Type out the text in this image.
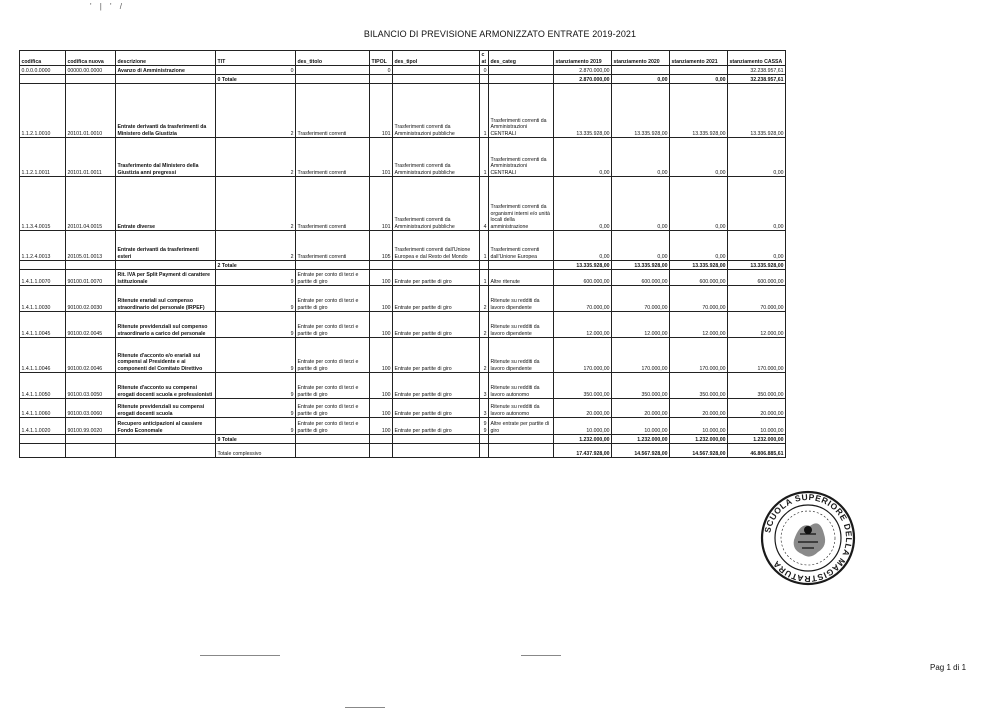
' | ' /
BILANCIO DI PREVISIONE ARMONIZZATO ENTRATE 2019-2021
codifica	codifica nuova	descrizione	TIT	des_titolo	TIPOL	des_tipol	cat	des_categ	stanziamento 2019	stanziamento 2020	stanziamento 2021	stanziamento CASSA
0.0.0.0.0000	00000.00.0000	Avanzo di Amministrazione	0		0		0		2.870.000,00			32.238.957,61
			0 Totale						2.870.000,00	0,00	0,00	32.238.957,61
1.1.2.1.0010	20101.01.0010	Entrate derivanti da trasferimenti da Ministero della Giustizia	2	Trasferimenti correnti	101	Trasferimenti correnti da Amministrazioni pubbliche	1	Trasferimenti correnti da Amministrazioni CENTRALI	13.335.928,00	13.335.928,00	13.335.928,00	13.335.928,00
1.1.2.1.0011	20101.01.0011	Trasferimento dal Ministero della Giustizia anni pregressi	2	Trasferimenti correnti	101	Trasferimenti correnti da Amministrazioni pubbliche	1	Trasferimenti correnti da Amministrazioni CENTRALI	0,00	0,00	0,00	0,00
1.1.3.4.0015	20101.04.0015	Entrate diverse	2	Trasferimenti correnti	101	Trasferimenti correnti da Amministrazioni pubbliche	4	Trasferimenti correnti da organismi interni e/o unità locali della amministrazione	0,00	0,00	0,00	0,00
1.1.2.4.0013	20105.01.0013	Entrate derivanti da trasferimenti esteri	2	Trasferimenti correnti	105	Trasferimenti correnti dall'Unione Europea e dal Resto del Mondo	1	Trasferimenti correnti dall'Unione Europea	0,00	0,00	0,00	0,00
			2 Totale						13.335.928,00	13.335.928,00	13.335.928,00	13.335.928,00
1.4.1.1.0070	90100.01.0070	Rit. IVA per Split Payment di carattere istituzionale	9	Entrate per conto di terzi e partite di giro	100	Entrate per partite di giro	1	Altre ritenute	600.000,00	600.000,00	600.000,00	600.000,00
1.4.1.1.0030	90100.02.0030	Ritenute erariali sul compenso straordinario del personale (IRPEF)	9	Entrate per conto di terzi e partite di giro	100	Entrate per partite di giro	2	Ritenute su redditi da lavoro dipendente	70.000,00	70.000,00	70.000,00	70.000,00
1.4.1.1.0045	90100.02.0045	Ritenute previdenziali sul compenso straordinario a carico del personale	9	Entrate per conto di terzi e partite di giro	100	Entrate per partite di giro	2	Ritenute su redditi da lavoro dipendente	12.000,00	12.000,00	12.000,00	12.000,00
1.4.1.1.0046	90100.02.0046	Ritenute d'acconto e/o erariali sui compensi al Presidente e ai componenti del Comitato Direttivo	9	Entrate per conto di terzi e partite di giro	100	Entrate per partite di giro	2	Ritenute su redditi da lavoro dipendente	170.000,00	170.000,00	170.000,00	170.000,00
1.4.1.1.0050	90100.03.0050	Ritenute d'acconto su compensi erogati docenti scuola e professionisti	9	Entrate per conto di terzi e partite di giro	100	Entrate per partite di giro	3	Ritenute su redditi da lavoro autonomo	350.000,00	350.000,00	350.000,00	350.000,00
1.4.1.1.0060	90100.03.0060	Ritenute previdenziali su compensi erogati docenti scuola	9	Entrate per conto di terzi e partite di giro	100	Entrate per partite di giro	3	Ritenute su redditi da lavoro autonomo	20.000,00	20.000,00	20.000,00	20.000,00
1.4.1.1.0020	90100.99.0020	Recupero anticipazioni al cassiere Fondo Economale	9	Entrate per conto di terzi e partite di giro	100	Entrate per partite di giro	99	Altre entrate per partite di giro	10.000,00	10.000,00	10.000,00	10.000,00
			9 Totale						1.232.000,00	1.232.000,00	1.232.000,00	1.232.000,00
			Totale complessivo						17.437.928,00	14.567.928,00	14.567.928,00	46.806.885,61
SCUOLA SUPERIORE DELLA MAGISTRATURA
Pag 1 di 1
